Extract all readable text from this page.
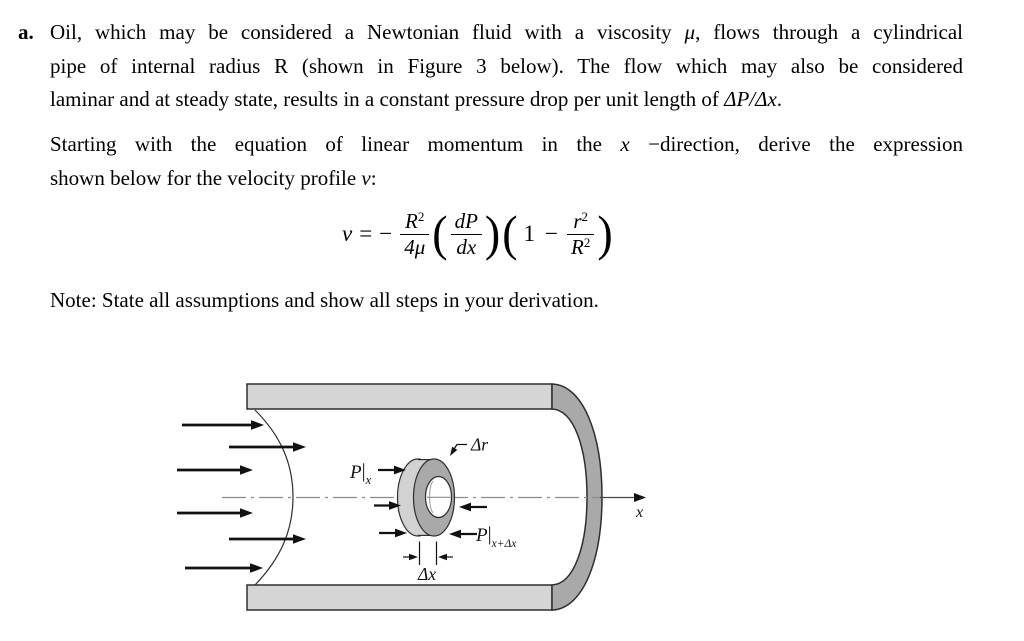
a. Oil, which may be considered a Newtonian fluid with a viscosity μ, flows through a cylindrical
pipe of internal radius R (shown in Figure 3 below). The flow which may also be considered
laminar and at steady state, results in a constant pressure drop per unit length of ΔP/Δx.
Starting with the equation of linear momentum in the x −direction, derive the expression
shown below for the velocity profile v:
v = − $\frac{R^2}{4\mu}$ ( $\frac{dP}{dx}$ ) ( $1 - \frac{r^2}{R^2}$ )
Note: State all assumptions and show all steps in your derivation.
x
Δr
$P|_x$
$P|_{x+\Delta x}$
Δx
